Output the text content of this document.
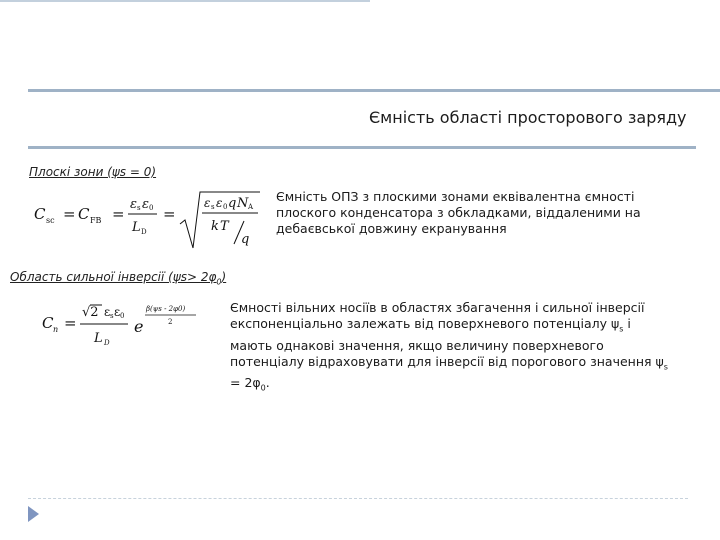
Ємність області просторового заряду
Плоскі зони (ψs = 0)
C sc = C FB =
ε s ε 0
L D
=
ε s ε 0 q N A
k T
q
Ємність ОПЗ з плоскими зонами еквівалентна ємності плоского конденсатора з обкладками, віддаленими на дебаєвської довжину екранування
Область сильної інверсії $(\psi s> 2\varphi_0)$
C n =
√2 ε s ε 0
L D
e
β(ψs - 2φ0)
2
Ємності вільних носіїв в областях збагачення і сильної інверсії експоненціально залежать від поверхневого потенціалу $\psi_s$ і мають однакові значення, якщо величину поверхневого потенціалу відраховувати для інверсії від порогового значення $\psi_s = 2\varphi_0$.
